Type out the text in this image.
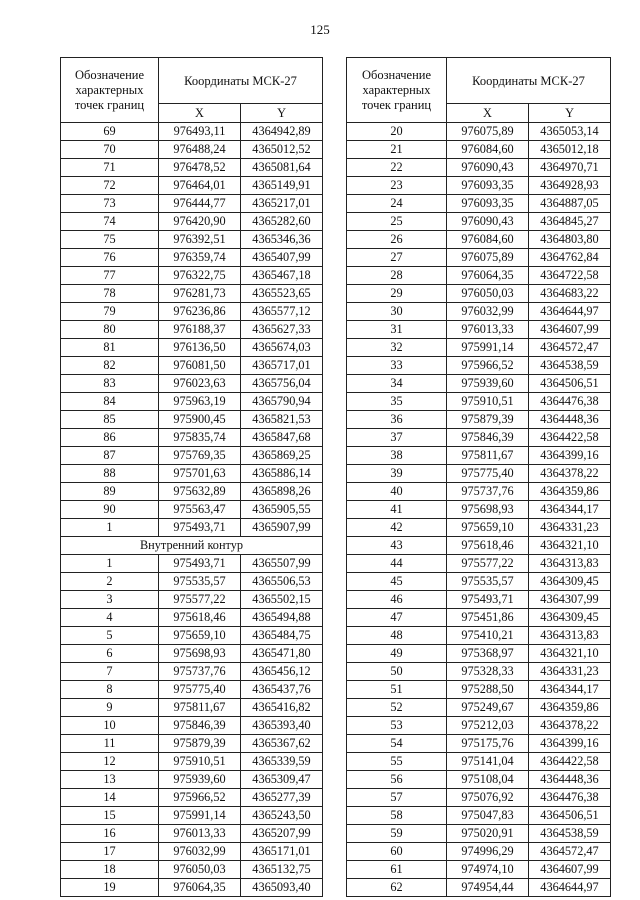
125
Обозначение характерных точек границ	Координаты МСК-27	
	X	Y
69	976493,11	4364942,89
70	976488,24	4365012,52
71	976478,52	4365081,64
72	976464,01	4365149,91
73	976444,77	4365217,01
74	976420,90	4365282,60
75	976392,51	4365346,36
76	976359,74	4365407,99
77	976322,75	4365467,18
78	976281,73	4365523,65
79	976236,86	4365577,12
80	976188,37	4365627,33
81	976136,50	4365674,03
82	976081,50	4365717,01
83	976023,63	4365756,04
84	975963,19	4365790,94
85	975900,45	4365821,53
86	975835,74	4365847,68
87	975769,35	4365869,25
88	975701,63	4365886,14
89	975632,89	4365898,26
90	975563,47	4365905,55
1	975493,71	4365907,99
Внутренний контур		
1	975493,71	4365507,99
2	975535,57	4365506,53
3	975577,22	4365502,15
4	975618,46	4365494,88
5	975659,10	4365484,75
6	975698,93	4365471,80
7	975737,76	4365456,12
8	975775,40	4365437,76
9	975811,67	4365416,82
10	975846,39	4365393,40
11	975879,39	4365367,62
12	975910,51	4365339,59
13	975939,60	4365309,47
14	975966,52	4365277,39
15	975991,14	4365243,50
16	976013,33	4365207,99
17	976032,99	4365171,01
18	976050,03	4365132,75
19	976064,35	4365093,40
Обозначение характерных точек границ	Координаты МСК-27	
	X	Y
20	976075,89	4365053,14
21	976084,60	4365012,18
22	976090,43	4364970,71
23	976093,35	4364928,93
24	976093,35	4364887,05
25	976090,43	4364845,27
26	976084,60	4364803,80
27	976075,89	4364762,84
28	976064,35	4364722,58
29	976050,03	4364683,22
30	976032,99	4364644,97
31	976013,33	4364607,99
32	975991,14	4364572,47
33	975966,52	4364538,59
34	975939,60	4364506,51
35	975910,51	4364476,38
36	975879,39	4364448,36
37	975846,39	4364422,58
38	975811,67	4364399,16
39	975775,40	4364378,22
40	975737,76	4364359,86
41	975698,93	4364344,17
42	975659,10	4364331,23
43	975618,46	4364321,10
44	975577,22	4364313,83
45	975535,57	4364309,45
46	975493,71	4364307,99
47	975451,86	4364309,45
48	975410,21	4364313,83
49	975368,97	4364321,10
50	975328,33	4364331,23
51	975288,50	4364344,17
52	975249,67	4364359,86
53	975212,03	4364378,22
54	975175,76	4364399,16
55	975141,04	4364422,58
56	975108,04	4364448,36
57	975076,92	4364476,38
58	975047,83	4364506,51
59	975020,91	4364538,59
60	974996,29	4364572,47
61	974974,10	4364607,99
62	974954,44	4364644,97
